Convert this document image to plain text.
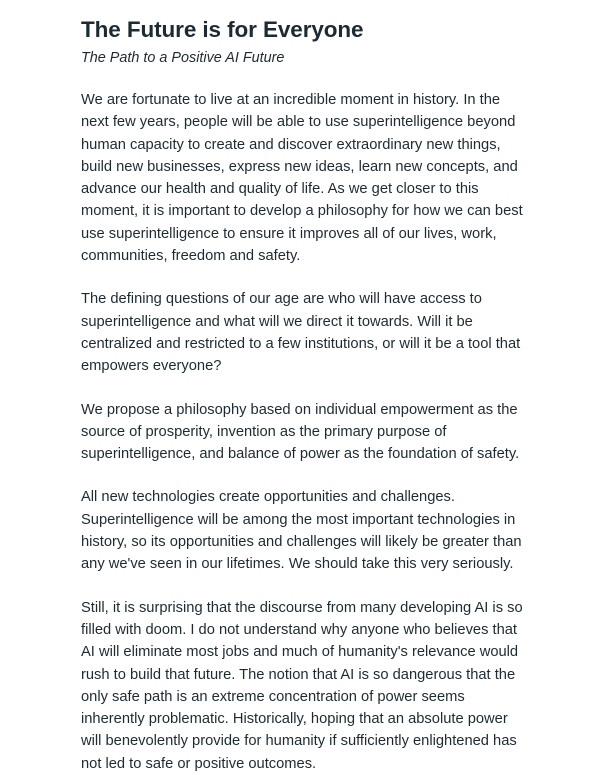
The Future is for Everyone

The Path to a Positive AI Future

We are fortunate to live at an incredible moment in history. In the next few years, people will be able to use superintelligence beyond human capacity to create and discover extraordinary new things, build new businesses, express new ideas, learn new concepts, and advance our health and quality of life. As we get closer to this moment, it is important to develop a philosophy for how we can best use superintelligence to ensure it improves all of our lives, work, communities, freedom and safety.

The defining questions of our age are who will have access to superintelligence and what will we direct it towards. Will it be centralized and restricted to a few institutions, or will it be a tool that empowers everyone?

We propose a philosophy based on individual empowerment as the source of prosperity, invention as the primary purpose of superintelligence, and balance of power as the foundation of safety.

All new technologies create opportunities and challenges. Superintelligence will be among the most important technologies in history, so its opportunities and challenges will likely be greater than any we've seen in our lifetimes. We should take this very seriously.

Still, it is surprising that the discourse from many developing AI is so filled with doom. I do not understand why anyone who believes that AI will eliminate most jobs and much of humanity's relevance would rush to build that future. The notion that AI is so dangerous that the only safe path is an extreme concentration of power seems inherently problematic. Historically, hoping that an absolute power will benevolently provide for humanity if sufficiently enlightened has not led to safe or positive outcomes.
